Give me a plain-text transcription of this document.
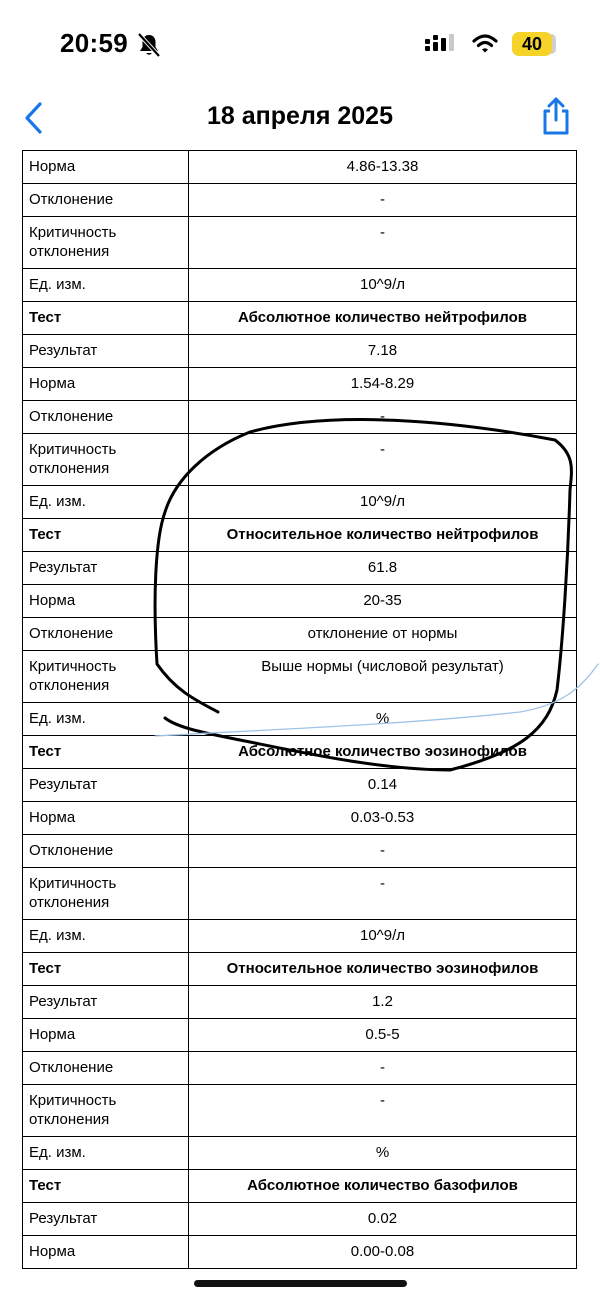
20:59	40
18 апреля 2025
Норма	4.86-13.38
Отклонение	-
Критичность отклонения	-
Ед. изм.	10^9/л
Тест	Абсолютное количество нейтрофилов
Результат	7.18
Норма	1.54-8.29
Отклонение	-
Критичность отклонения	-
Ед. изм.	10^9/л
Тест	Относительное количество нейтрофилов
Результат	61.8
Норма	20-35
Отклонение	отклонение от нормы
Критичность отклонения	Выше нормы (числовой результат)
Ед. изм.	%
Тест	Абсолютное количество эозинофилов
Результат	0.14
Норма	0.03-0.53
Отклонение	-
Критичность отклонения	-
Ед. изм.	10^9/л
Тест	Относительное количество эозинофилов
Результат	1.2
Норма	0.5-5
Отклонение	-
Критичность отклонения	-
Ед. изм.	%
Тест	Абсолютное количество базофилов
Результат	0.02
Норма	0.00-0.08
